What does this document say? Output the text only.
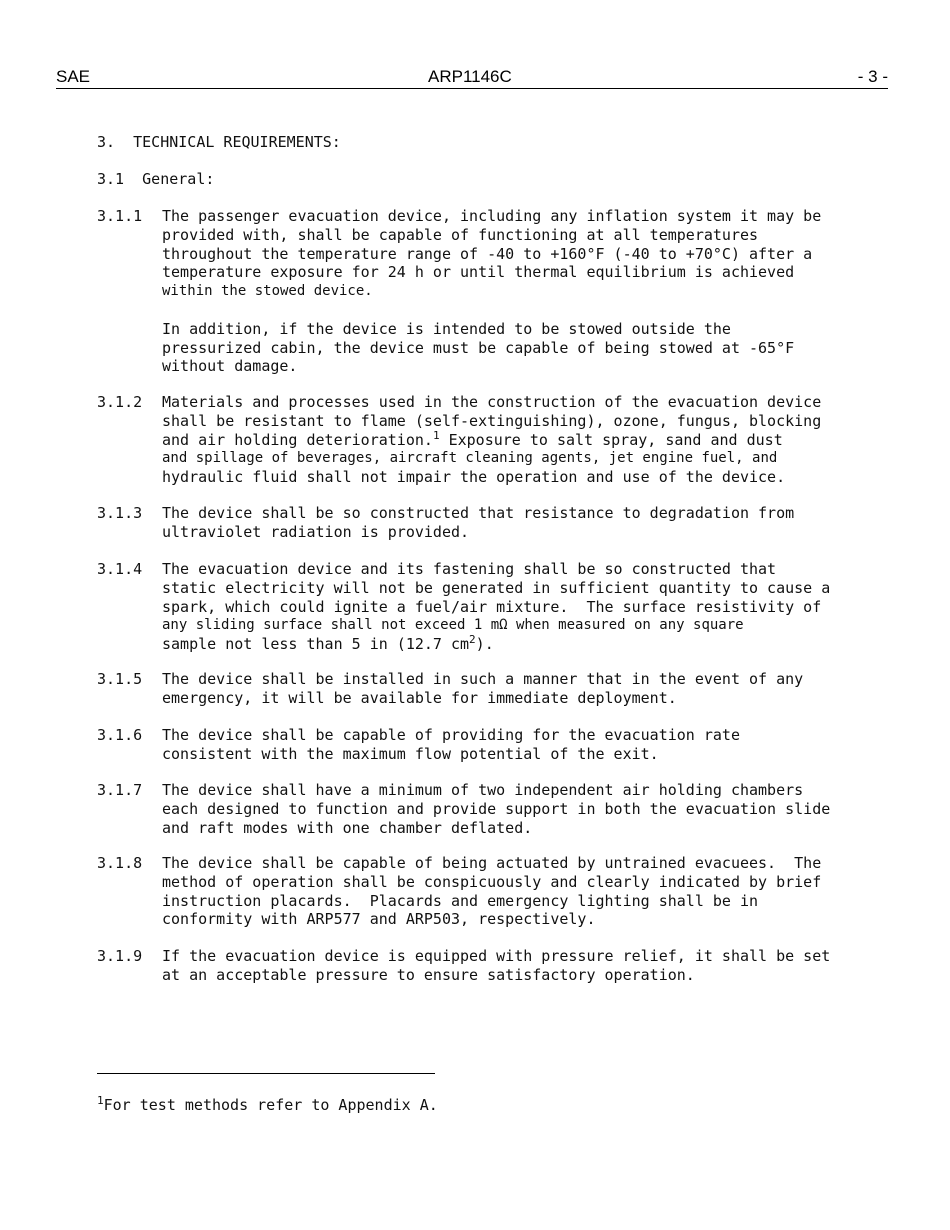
SAE	ARP1146C	- 3 -
3. TECHNICAL REQUIREMENTS:
3.1 General:
3.1.1 The passenger evacuation device, including any inflation system it may be
provided with, shall be capable of functioning at all temperatures
throughout the temperature range of -40 to +160°F (-40 to +70°C) after a
temperature exposure for 24 h or until thermal equilibrium is achieved
within the stowed device.
In addition, if the device is intended to be stowed outside the
pressurized cabin, the device must be capable of being stowed at -65°F
without damage.
3.1.2 Materials and processes used in the construction of the evacuation device
shall be resistant to flame (self-extinguishing), ozone, fungus, blocking
and air holding deterioration.$^1$ Exposure to salt spray, sand and dust
and spillage of beverages, aircraft cleaning agents, jet engine fuel, and
hydraulic fluid shall not impair the operation and use of the device.
3.1.3 The device shall be so constructed that resistance to degradation from
ultraviolet radiation is provided.
3.1.4 The evacuation device and its fastening shall be so constructed that
static electricity will not be generated in sufficient quantity to cause a
spark, which could ignite a fuel/air mixture.  The surface resistivity of
any sliding surface shall not exceed 1 mΩ when measured on any square
sample not less than 5 in (12.7 $cm^2$).
3.1.5 The device shall be installed in such a manner that in the event of any
emergency, it will be available for immediate deployment.
3.1.6 The device shall be capable of providing for the evacuation rate
consistent with the maximum flow potential of the exit.
3.1.7 The device shall have a minimum of two independent air holding chambers
each designed to function and provide support in both the evacuation slide
and raft modes with one chamber deflated.
3.1.8 The device shall be capable of being actuated by untrained evacuees.  The
method of operation shall be conspicuously and clearly indicated by brief
instruction placards.  Placards and emergency lighting shall be in
conformity with ARP577 and ARP503, respectively.
3.1.9 If the evacuation device is equipped with pressure relief, it shall be set
at an acceptable pressure to ensure satisfactory operation.
$^1$For test methods refer to Appendix A.
